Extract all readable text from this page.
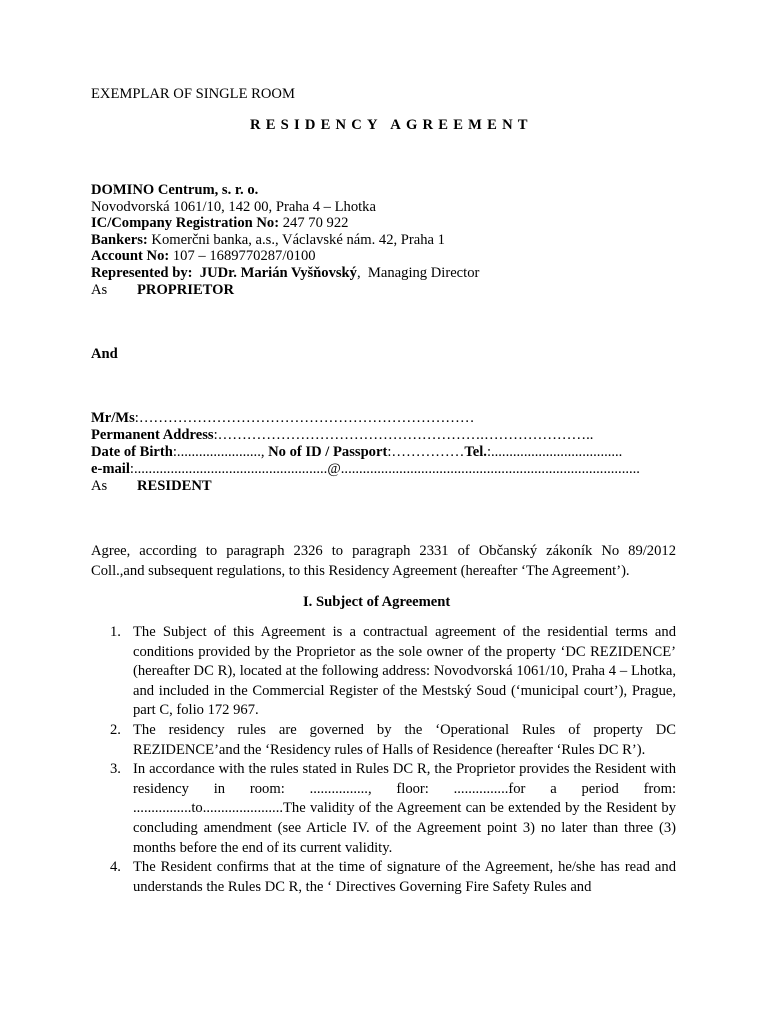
EXEMPLAR OF SINGLE ROOM
RESIDENCY AGREEMENT
DOMINO Centrum, s. r. o.
Novodvorská 1061/10, 142 00, Praha 4 – Lhotka
IC/Company Registration No: 247 70 922
Bankers: Komerčni banka, a.s., Václavské nám. 42, Praha 1
Account No: 107 – 1689770287/0100
Represented by:  JUDr. Marián Vyšňovský,  Managing Director
As PROPRIETOR
And
Mr/Ms:……………………………………………………………
Permanent Address:……………………………………………….…………………..
Date of Birth:......................., No of ID / Passport:……………Tel.:....................................
e-mail:.....................................................@..................................................................................
As RESIDENT
Agree, according to paragraph 2326 to paragraph 2331 of Občanský zákoník No 89/2012
Coll.,and subsequent regulations, to this Residency Agreement (hereafter ‘The Agreement’).
I. Subject of Agreement
1. The Subject of this Agreement is a contractual agreement of the residential terms and conditions provided by the Proprietor as the sole owner of the property ‘DC REZIDENCE’ (hereafter DC R), located at the following address: Novodvorská 1061/10, Praha 4 – Lhotka, and included in the Commercial Register of the Mestský Soud (‘municipal court’), Prague, part C, folio 172 967.
2. The residency rules are governed by the ‘Operational Rules of property DC REZIDENCE’and the ‘Residency rules of Halls of Residence (hereafter ‘Rules DC R’).
3. In accordance with the rules stated in Rules DC R, the Proprietor provides the Resident with residency in room: ................, floor: ...............for a period from: ................to......................The validity of the Agreement can be extended by the Resident by concluding amendment (see Article IV. of the Agreement point 3) no later than three (3) months before the end of its current validity.
4. The Resident confirms that at the time of signature of the Agreement, he/she has read and understands the Rules DC R, the ‘ Directives Governing Fire Safety Rules and
